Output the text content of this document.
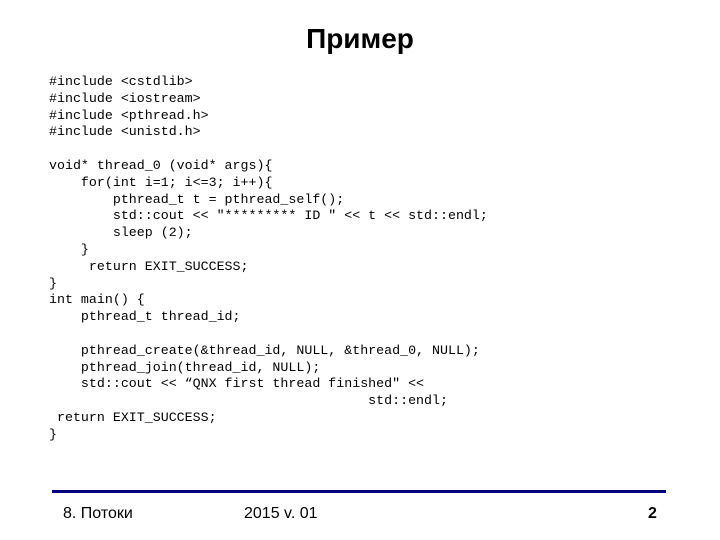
Пример
#include <cstdlib>
#include <iostream>
#include <pthread.h>
#include <unistd.h>
void* thread_0 (void* args){
for(int i=1; i<=3; i++){
pthread_t t = pthread_self();
std::cout << "********* ID " << t << std::endl;
sleep (2);
}
return EXIT_SUCCESS;
}
int main() {
pthread_t thread_id;
pthread_create(&thread_id, NULL, &thread_0, NULL);
pthread_join(thread_id, NULL);
std::cout << “QNX first thread finished" <<
std::endl;
return EXIT_SUCCESS;
}
8. Потоки	2015 v. 01	2
